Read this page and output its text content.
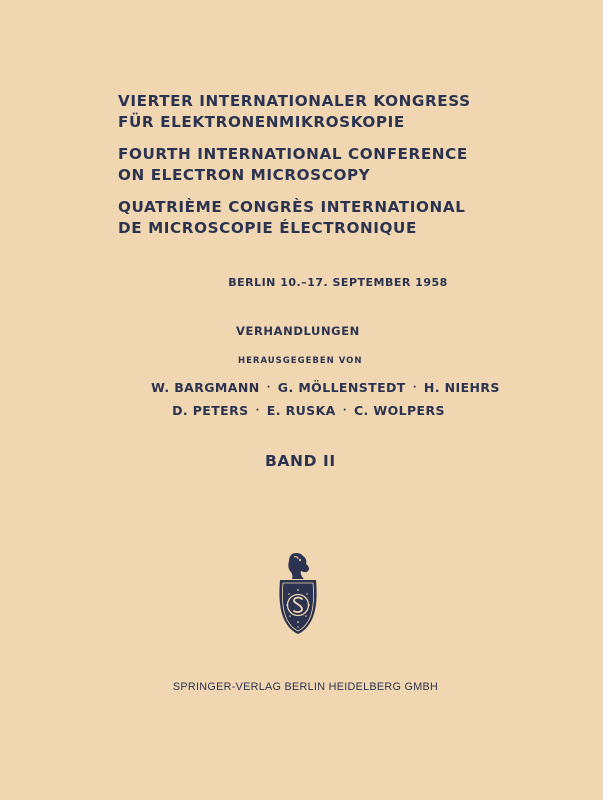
VIERTER INTERNATIONALER KONGRESS
FÜR ELEKTRONENMIKROSKOPIE
FOURTH INTERNATIONAL CONFERENCE
ON ELECTRON MICROSCOPY
QUATRIÈME CONGRÈS INTERNATIONAL
DE MICROSCOPIE ÉLECTRONIQUE
BERLIN 10.–17. SEPTEMBER 1958
VERHANDLUNGEN
HERAUSGEGEBEN VON
W. BARGMANN · G. MÖLLENSTEDT · H. NIEHRS
D. PETERS · E. RUSKA · C. WOLPERS
BAND II
SPRINGER-VERLAG BERLIN HEIDELBERG GMBH
